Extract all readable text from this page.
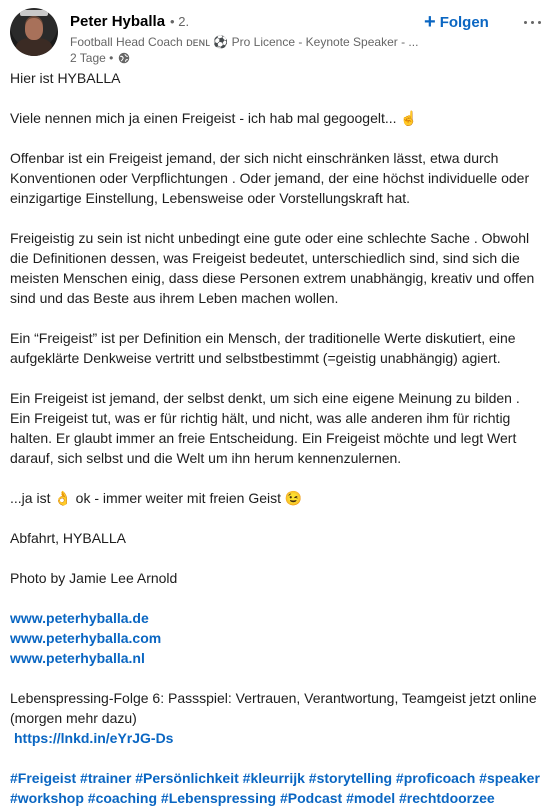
Peter Hyballa • 2.
Football Head Coach ᴅᴇɴʟ ⚽ Pro Licence - Keynote Speaker - ...
2 Tage •
+ Folgen

Hier ist HYBALLA

Viele nennen mich ja einen Freigeist - ich hab mal gegoogelt... ☝️

Offenbar ist ein Freigeist jemand, der sich nicht einschränken lässt, etwa durch Konventionen oder Verpflichtungen . Oder jemand, der eine höchst individuelle oder einzigartige Einstellung, Lebensweise oder Vorstellungskraft hat.

Freigeistig zu sein ist nicht unbedingt eine gute oder eine schlechte Sache . Obwohl die Definitionen dessen, was Freigeist bedeutet, unterschiedlich sind, sind sich die meisten Menschen einig, dass diese Personen extrem unabhängig, kreativ und offen sind und das Beste aus ihrem Leben machen wollen.

Ein “Freigeist” ist per Definition ein Mensch, der traditionelle Werte diskutiert, eine aufgeklärte Denkweise vertritt und selbstbestimmt (=geistig unabhängig) agiert.

Ein Freigeist ist jemand, der selbst denkt, um sich eine eigene Meinung zu bilden . Ein Freigeist tut, was er für richtig hält, und nicht, was alle anderen ihm für richtig halten. Er glaubt immer an freie Entscheidung. Ein Freigeist möchte und legt Wert darauf, sich selbst und die Welt um ihn herum kennenzulernen.

...ja ist 👌 ok - immer weiter mit freien Geist 😉

Abfahrt, HYBALLA

Photo by Jamie Lee Arnold

www.peterhyballa.de
www.peterhyballa.com
www.peterhyballa.nl

Lebenspressing-Folge 6: Passspiel: Vertrauen, Verantwortung, Teamgeist jetzt online (morgen mehr dazu)

https://lnkd.in/eYrJG-Ds

#Freigeist #trainer #Persönlichkeit #kleurrijk #storytelling #proficoach #speaker #workshop #coaching #Lebenspressing #Podcast #model #rechtdoorzee
